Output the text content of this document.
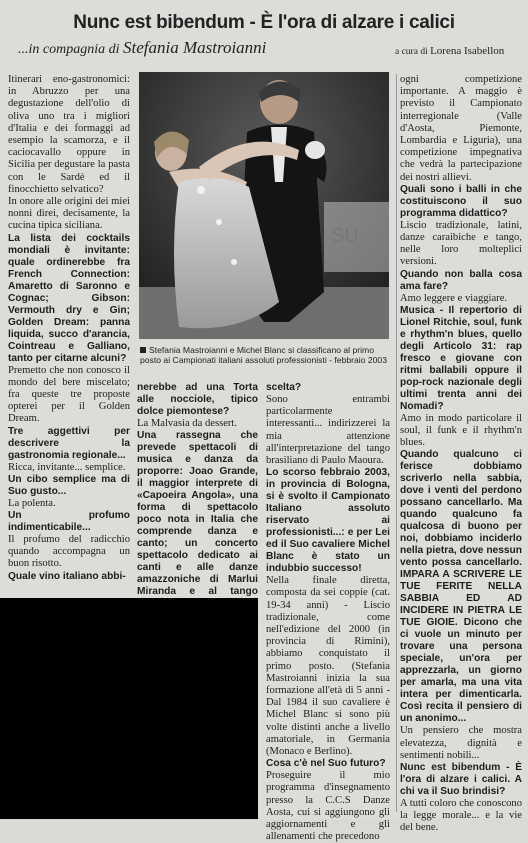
Nunc est bibendum - È l'ora di alzare i calici
...in compagnia di Stefania Mastroianni	a cura di Lorena Isabellon

Itinerari eno-gastronomici: in Abruzzo per una degustazione dell'olio di oliva uno tra i migliori d'Italia e dei formaggi ad esempio la scamorza, e il caciocavallo oppure in Sicilia per degustare la pasta con le Sardè ed il finocchietto selvatico?

In onore alle origini dei miei nonni direi, decisamente, la cucina tipica siciliana.

La lista dei cocktails mondiali è invitante: quale ordinerebbe fra French Connection: Amaretto di Saronno e Cognac; Gibson: Vermouth dry e Gin; Golden Dream: panna liquida, succo d'arancia, Cointreau e Galliano, tanto per citarne alcuni?

Premetto che non conosco il mondo del bere miscelato; fra queste tre proposte opterei per il Golden Dream.

Tre aggettivi per descrivere la gastronomia regionale...

Ricca, invitante... semplice.

Un cibo semplice ma di Suo gusto...

La polenta.

Un profumo indimenticabile...

Il profumo del radicchio quando accompagna un buon risotto.

Quale vino italiano abbi-

SU
Stefania Mastroianni e Michel Blanc si classificano al primo posto ai Campionati italiani assoluti professionisti - febbraio 2003

nerebbe ad una Torta alle nocciole, tipico dolce piemontese?

La Malvasia da dessert.

Una rassegna che prevede spettacoli di musica e danza da proporre: Joao Grande, il maggior interprete di «Capoeira Angola», una forma di spettacolo poco nota in Italia che comprende danza e canto; un concerto spettacolo dedicato ai canti e alle danze amazzoniche di Marlui Miranda e al tango

scelta?

Sono entrambi particolarmente interessanti... indirizzerei la mia attenzione all'interpretazione del tango brasiliano di Paulo Maoura.

Lo scorso febbraio 2003, in provincia di Bologna, si è svolto il Campionato Italiano assoluto riservato ai professionisti...: e per Lei ed il Suo cavaliere Michel Blanc è stato un indubbio successo!

Nella finale diretta, composta da sei coppie (cat. 19-34 anni) - Liscio tradizionale, come nell'edizione del 2000 (in provincia di Rimini), abbiamo conquistato il primo posto. (Stefania Mastroianni inizia la sua formazione all'età di 5 anni - Dal 1984 il suo cavaliere è Michel Blanc si sono più volte distinti anche a livello amatoriale, in Germania (Monaco e Berlino).

Cosa c'è nel Suo futuro?

Proseguire il mio programma d'insegnamento presso la C.C.S Danze Aosta, cui si aggiungono gli aggiornamenti e gli allenamenti che precedono

ogni competizione importante. A maggio è previsto il Campionato interregionale (Valle d'Aosta, Piemonte, Lombardia e Liguria), una competizione impegnativa che vedrà la partecipazione dei nostri allievi.

Quali sono i balli in che costituiscono il suo programma didattico?

Liscio tradizionale, latini, danze caraibiche e tango, nelle loro molteplici versioni.

Quando non balla cosa ama fare?

Amo leggere e viaggiare.

Musica - Il repertorio di Lionel Ritchie, soul, funk e rhythm'n blues, quello degli Articolo 31: rap fresco e giovane con ritmi ballabili oppure il pop-rock nazionale degli ultimi trenta anni dei Nomadi?

Amo in modo particolare il soul, il funk e il rhythm'n blues.

Quando qualcuno ci ferisce dobbiamo scriverlo nella sabbia, dove i venti del perdono possano cancellarlo. Ma quando qualcuno fa qualcosa di buono per noi, dobbiamo inciderlo nella pietra, dove nessun vento possa cancellarlo. IMPARA A SCRIVERE LE TUE FERITE NELLA SABBIA ED AD INCIDERE IN PIETRA LE TUE GIOIE. Dicono che ci vuole un minuto per trovare una persona speciale, un'ora per apprezzarla, un giorno per amarla, ma una vita intera per dimenticarla. Così recita il pensiero di un anonimo...

Un pensiero che mostra elevatezza, dignità e sentimenti nobili...

Nunc est bibendum - È l'ora di alzare i calici. A chi va il Suo brindisi?

A tutti coloro che conoscono la legge morale... e la vie del bene.
